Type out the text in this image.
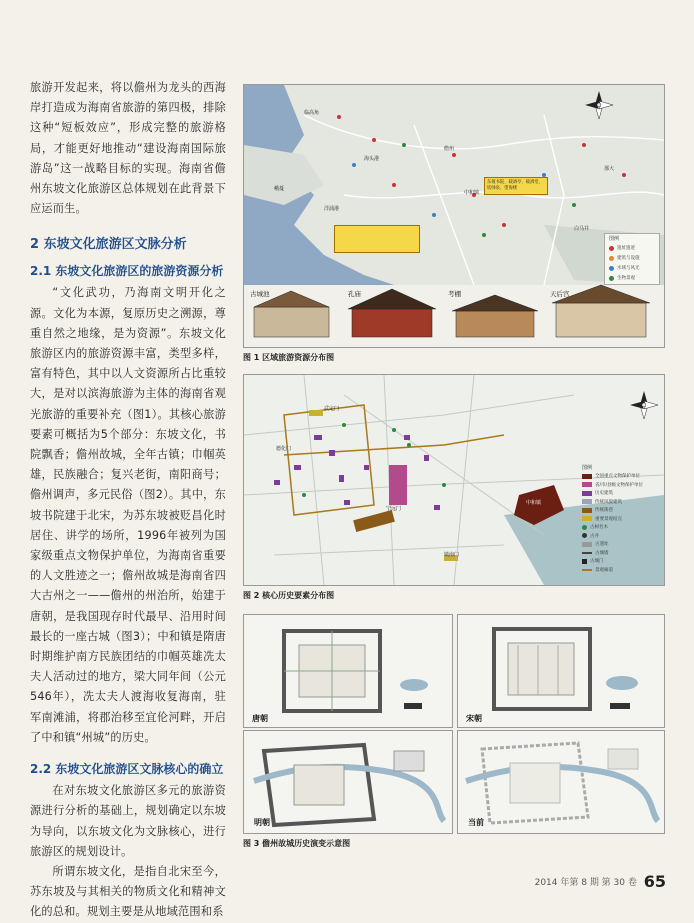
旅游开发起来，将以儋州为龙头的西海岸打造成为海南省旅游的第四极，排除这种“短板效应”，形成完整的旅游格局，才能更好地推动“建设海南国际旅游岛”这一战略目标的实现。海南省儋州东坡文化旅游区总体规划在此背景下应运而生。

2 东坡文化旅游区文脉分析
2.1 东坡文化旅游区的旅游资源分析

“文化武功，乃海南文明开化之源。文化为本源，复原历史之溯源，尊重自然之地缘，是为资源”。东坡文化旅游区内的旅游资源丰富，类型多样，富有特色，其中以人文资源所占比重较大，是对以滨海旅游为主体的海南省观光旅游的重要补充（图1）。其核心旅游要素可概括为5个部分：东坡文化，书院飘香；儋州故城，全年古镇；巾帼英雄，民族融合；复兴老街，南阳商号；儋州调声，多元民俗（图2）。其中，东坡书院建于北宋，为苏东坡被贬昌化时居住、讲学的场所，1996年被列为国家级重点文物保护单位，为海南省重要的人文胜迹之一；儋州故城是海南省四大古州之一——儋州的州治所，始建于唐朝，是我国现存时代最早、沿用时间最长的一座古城（图3）；中和镇是隋唐时期维护南方民族团结的巾帼英雄冼太夫人活动过的地方，梁大同年间（公元546年），冼太夫人渡海收复海南，驻军南滩浦，将郡治移至宜伦河畔，开启了中和镇“州城”的历史。

2.2 东坡文化旅游区文脉核心的确立

在对东坡文化旅游区多元的旅游资源进行分析的基础上，规划确定以东坡为导向，以东坡文化为文脉核心，进行旅游区的规划设计。

所谓东坡文化，是指自北宋至今，苏东坡及与其相关的物质文化和精神文化的总和。规划主要是从地域范围和系

东坡书院、载酒亭、载酒堂、钦帅泉、望海楼
临高角
海头港
儋州
中和镇
洋浦港
峨蔓
白马井
那大
图例
遗址遗迹
建筑与设施
水域与风光
生物景观
古城池	孔庙	考棚	天后宫
图 1 区域旅游资源分布图
武定门
镇南门
德化门
宁远门
中和镇
图例
全国重点文物保护单位
省/市/县级文物保护单位
历史建筑
传统风貌建筑
传统街巷
重要景观结点
古树名木
古井
古遗址
古城墙
古城门
景观廊道
图 2 核心历史要素分布图
唐朝	宋朝
明朝	当前
图 3 儋州故城历史演变示意图
2014 年第 8 期 第 30 卷 65
